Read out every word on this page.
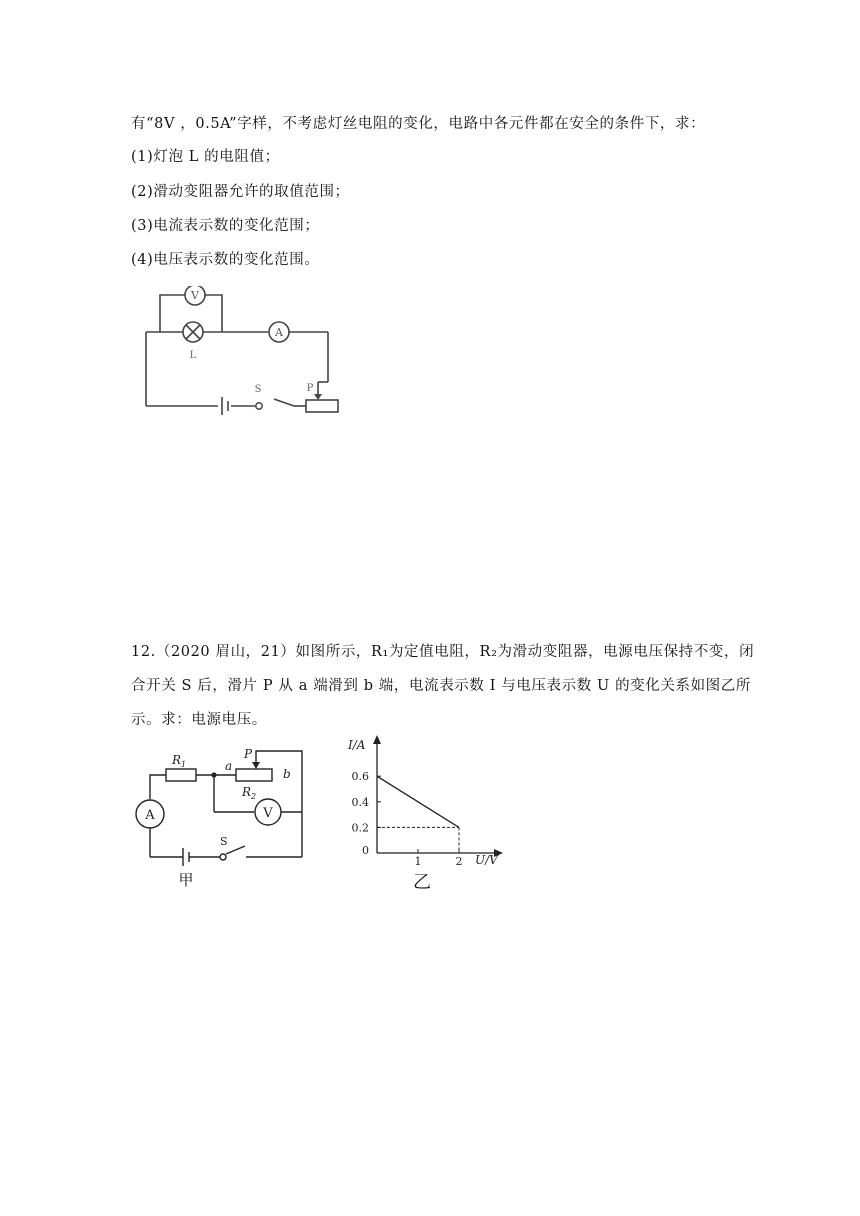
有“8V ，0.5A”字样，不考虑灯丝电阻的变化，电路中各元件都在安全的条件下，求：
(1)灯泡 L 的电阻值；
(2)滑动变阻器允许的取值范围；
(3)电流表示数的变化范围；
(4)电压表示数的变化范围。
V
A
L
S	P
12.（2020 眉山，21）如图所示，R₁为定值电阻，R₂为滑动变阻器，电源电压保持不变，闭
合开关 S 后，滑片 P 从 a 端滑到 b 端，电流表示数 I 与电压表示数 U 的变化关系如图乙所
示。求：电源电压。
$R_1$
$R_2$
P
a
b
A	V
S
甲
I/A
U/V
0
0.2
0.4
0.6
1	2
乙
